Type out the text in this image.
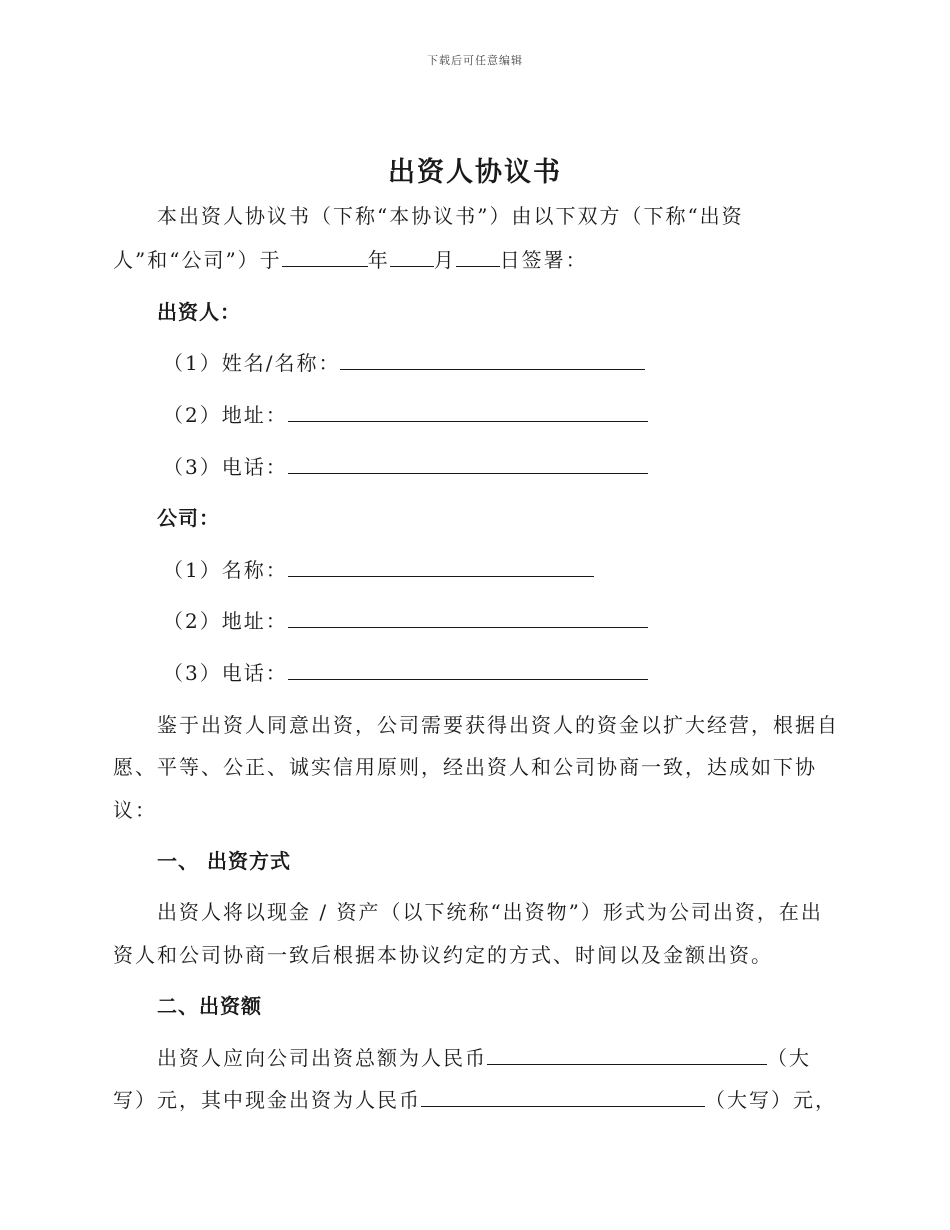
下载后可任意编辑
出资人协议书
本出资人协议书（下称“本协议书”）由以下双方（下称“出资
人”和“公司”）于	年 月 日签署：
出资人：
（1）姓名/名称：
（2）地址：
（3）电话：
公司：
（1）名称：
（2）地址：
（3）电话：
鉴于出资人同意出资，公司需要获得出资人的资金以扩大经营，根据自
愿、平等、公正、诚实信用原则，经出资人和公司协商一致，达成如下协
议：
一、 出资方式
出资人将以现金 / 资产（以下统称“出资物”）形式为公司出资，在出
资人和公司协商一致后根据本协议约定的方式、时间以及金额出资。
二、出资额
出资人应向公司出资总额为人民币	（大
写）元，其中现金出资为人民币	（大写）元，
